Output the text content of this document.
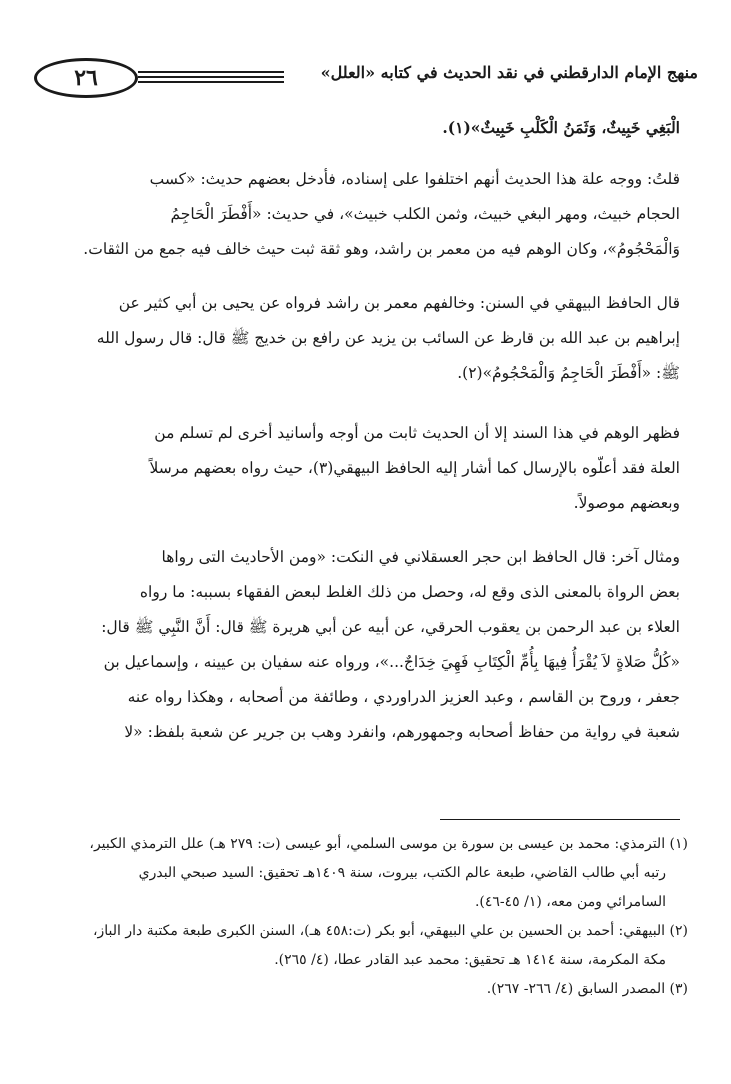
٢٦	منهج الإمام الدارقطني في نقد الحديث في كتابه «العلل»
الْبَغِي خَبِيثٌ، وَثَمَنُ الْكَلْبِ خَبِيثٌ»(١).
قلتُ: ووجه علة هذا الحديث أنهم اختلفوا على إسناده، فأدخل بعضهم حديث: «كسب
الحجام خبيث، ومهر البغي خبيث، وثمن الكلب خبيث»، في حديث: «أَفْطَرَ الْحَاجِمُ
وَالْمَحْجُومُ»، وكان الوهم فيه من معمر بن راشد، وهو ثقة ثبت حيث خالف فيه جمع من الثقات.
قال الحافظ البيهقي في السنن: وخالفهم معمر بن راشد فرواه عن يحيى بن أبي كثير عن
إبراهيم بن عبد الله بن قارظ عن السائب بن يزيد عن رافع بن خديج ﷺ قال: قال رسول الله
ﷺ: «أَفْطَرَ الْحَاجِمُ وَالْمَحْجُومُ»(٢).
فظهر الوهم في هذا السند إلا أن الحديث ثابت من أوجه وأسانيد أخرى لم تسلم من
العلة فقد أعلّوه بالإرسال كما أشار إليه الحافظ البيهقي(٣)، حيث رواه بعضهم مرسلاً
وبعضهم موصولاً.
ومثال آخر: قال الحافظ ابن حجر العسقلاني في النكت: «ومن الأحاديث التى رواها
بعض الرواة بالمعنى الذى وقع له، وحصل من ذلك الغلط لبعض الفقهاء بسببه: ما رواه
العلاء بن عبد الرحمن بن يعقوب الحرقي، عن أبيه عن أبي هريرة ﷺ قال: أَنَّ النَّبِي ﷺ قال:
«كُلُّ صَلاةٍ لاَ يُقْرَأُ فِيهَا بِأُمِّ الْكِتَابِ فَهِيَ خِدَاجٌ...»، ورواه عنه سفيان بن عيينه ، وإسماعيل بن
جعفر ، وروح بن القاسم ، وعبد العزيز الدراوردي ، وطائفة من أصحابه ، وهكذا رواه عنه
شعبة في رواية من حفاظ أصحابه وجمهورهم، وانفرد وهب بن جرير عن شعبة بلفظ: «لا

(١) الترمذي: محمد بن عيسى بن سورة بن موسى السلمي، أبو عيسى (ت: ٢٧٩ هـ) علل الترمذي الكبير،

رتبه أبي طالب القاضي، طبعة عالم الكتب، بيروت، سنة ١٤٠٩هـ تحقيق: السيد صبحي البدري

السامرائي ومن معه، (١/ ٤٥-٤٦).

(٢) البيهقي: أحمد بن الحسين بن علي البيهقي، أبو بكر (ت:٤٥٨ هـ)، السنن الكبرى طبعة مكتبة دار الباز،

مكة المكرمة، سنة ١٤١٤ هـ تحقيق: محمد عبد القادر عطا، (٤/ ٢٦٥).

(٣) المصدر السابق (٤/ ٢٦٦- ٢٦٧).
